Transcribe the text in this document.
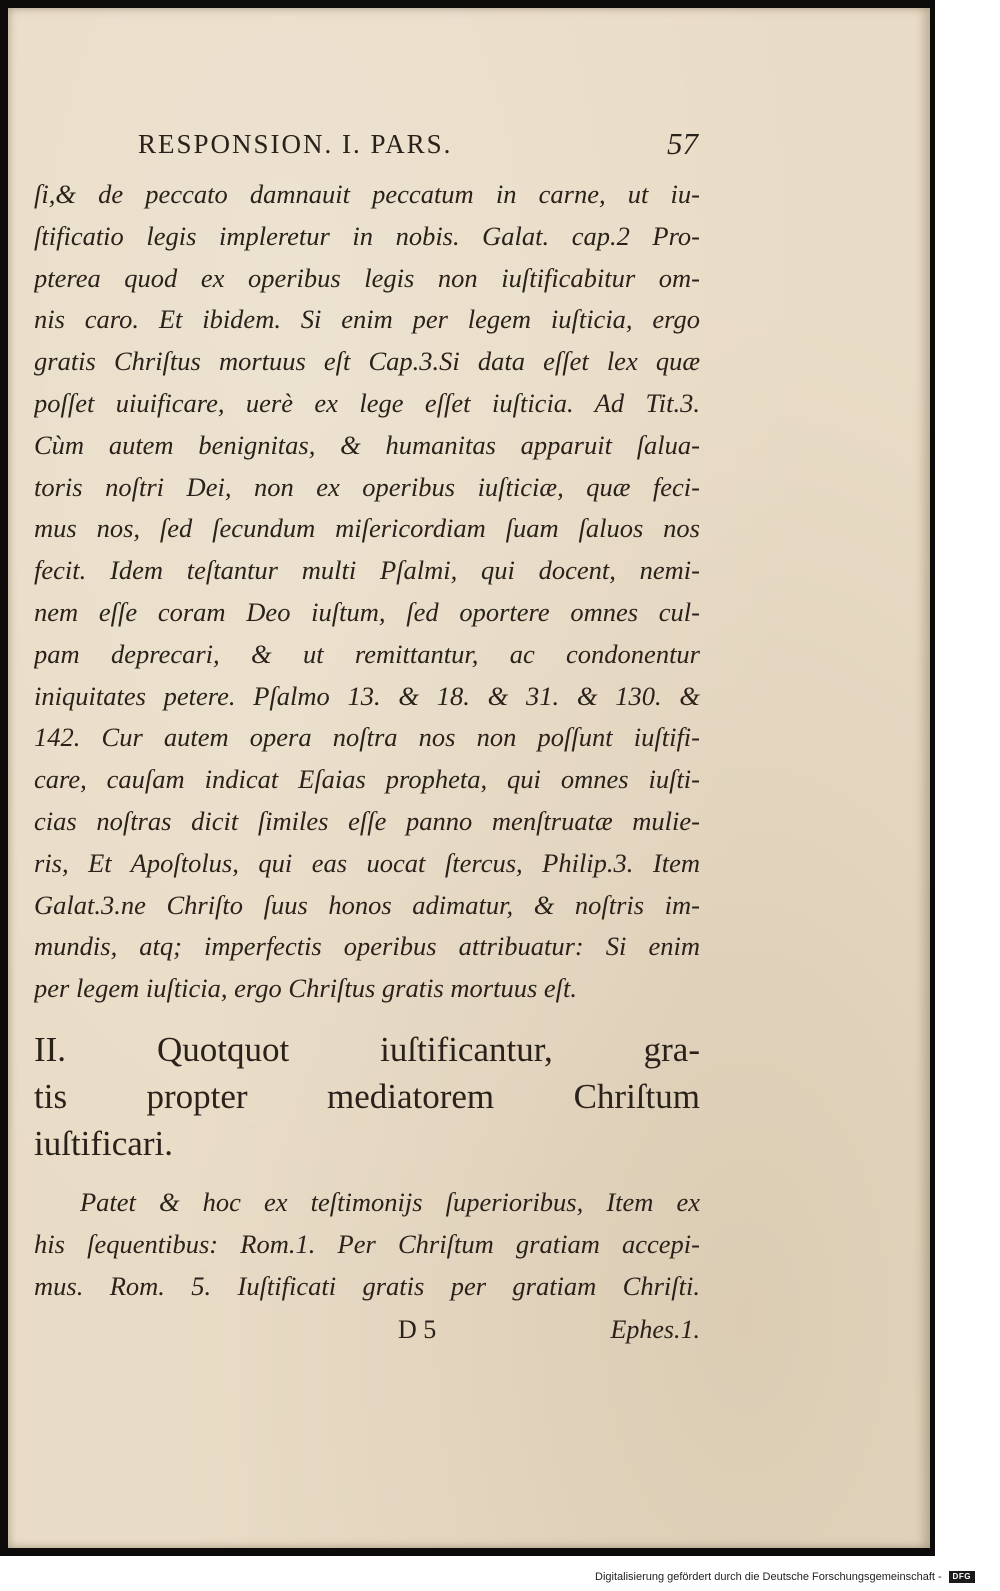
RESPONSION. I. PARS.	57
ſi,& de peccato damnauit peccatum in carne, ut iu-
ſtificatio legis impleretur in nobis. Galat. cap.2 Pro-
pterea quod ex operibus legis non iuſtificabitur om-
nis caro. Et ibidem. Si enim per legem iuſticia, ergo
gratis Chriſtus mortuus eſt Cap.3.Si data eſſet lex quæ
poſſet uiuificare, uerè ex lege eſſet iuſticia. Ad Tit.3.
Cùm autem benignitas, & humanitas apparuit ſalua-
toris noſtri Dei, non ex operibus iuſticiæ, quæ feci-
mus nos, ſed ſecundum miſericordiam ſuam ſaluos nos
fecit. Idem teſtantur multi Pſalmi, qui docent, nemi-
nem eſſe coram Deo iuſtum, ſed oportere omnes cul-
pam deprecari, & ut remittantur, ac condonentur
iniquitates petere. Pſalmo 13. & 18. & 31. & 130. &
142. Cur autem opera noſtra nos non poſſunt iuſtifi-
care, cauſam indicat Eſaias propheta, qui omnes iuſti-
cias noſtras dicit ſimiles eſſe panno menſtruatæ mulie-
ris, Et Apoſtolus, qui eas uocat ſtercus, Philip.3. Item
Galat.3.ne Chriſto ſuus honos adimatur, & noſtris im-
mundis, atq; imperfectis operibus attribuatur: Si enim
per legem iuſticia, ergo Chriſtus gratis mortuus eſt.
II. Quotquot iuſtificantur, gra-
tis propter mediatorem Chriſtum
iuſtificari.
Patet & hoc ex teſtimonijs ſuperioribus, Item ex
his ſequentibus: Rom.1. Per Chriſtum gratiam accepi-
mus. Rom. 5. Iuſtificati gratis per gratiam Chriſti.
D 5	Ephes.1.
Digitalisierung gefördert durch die Deutsche Forschungsgemeinschaft - DFG
